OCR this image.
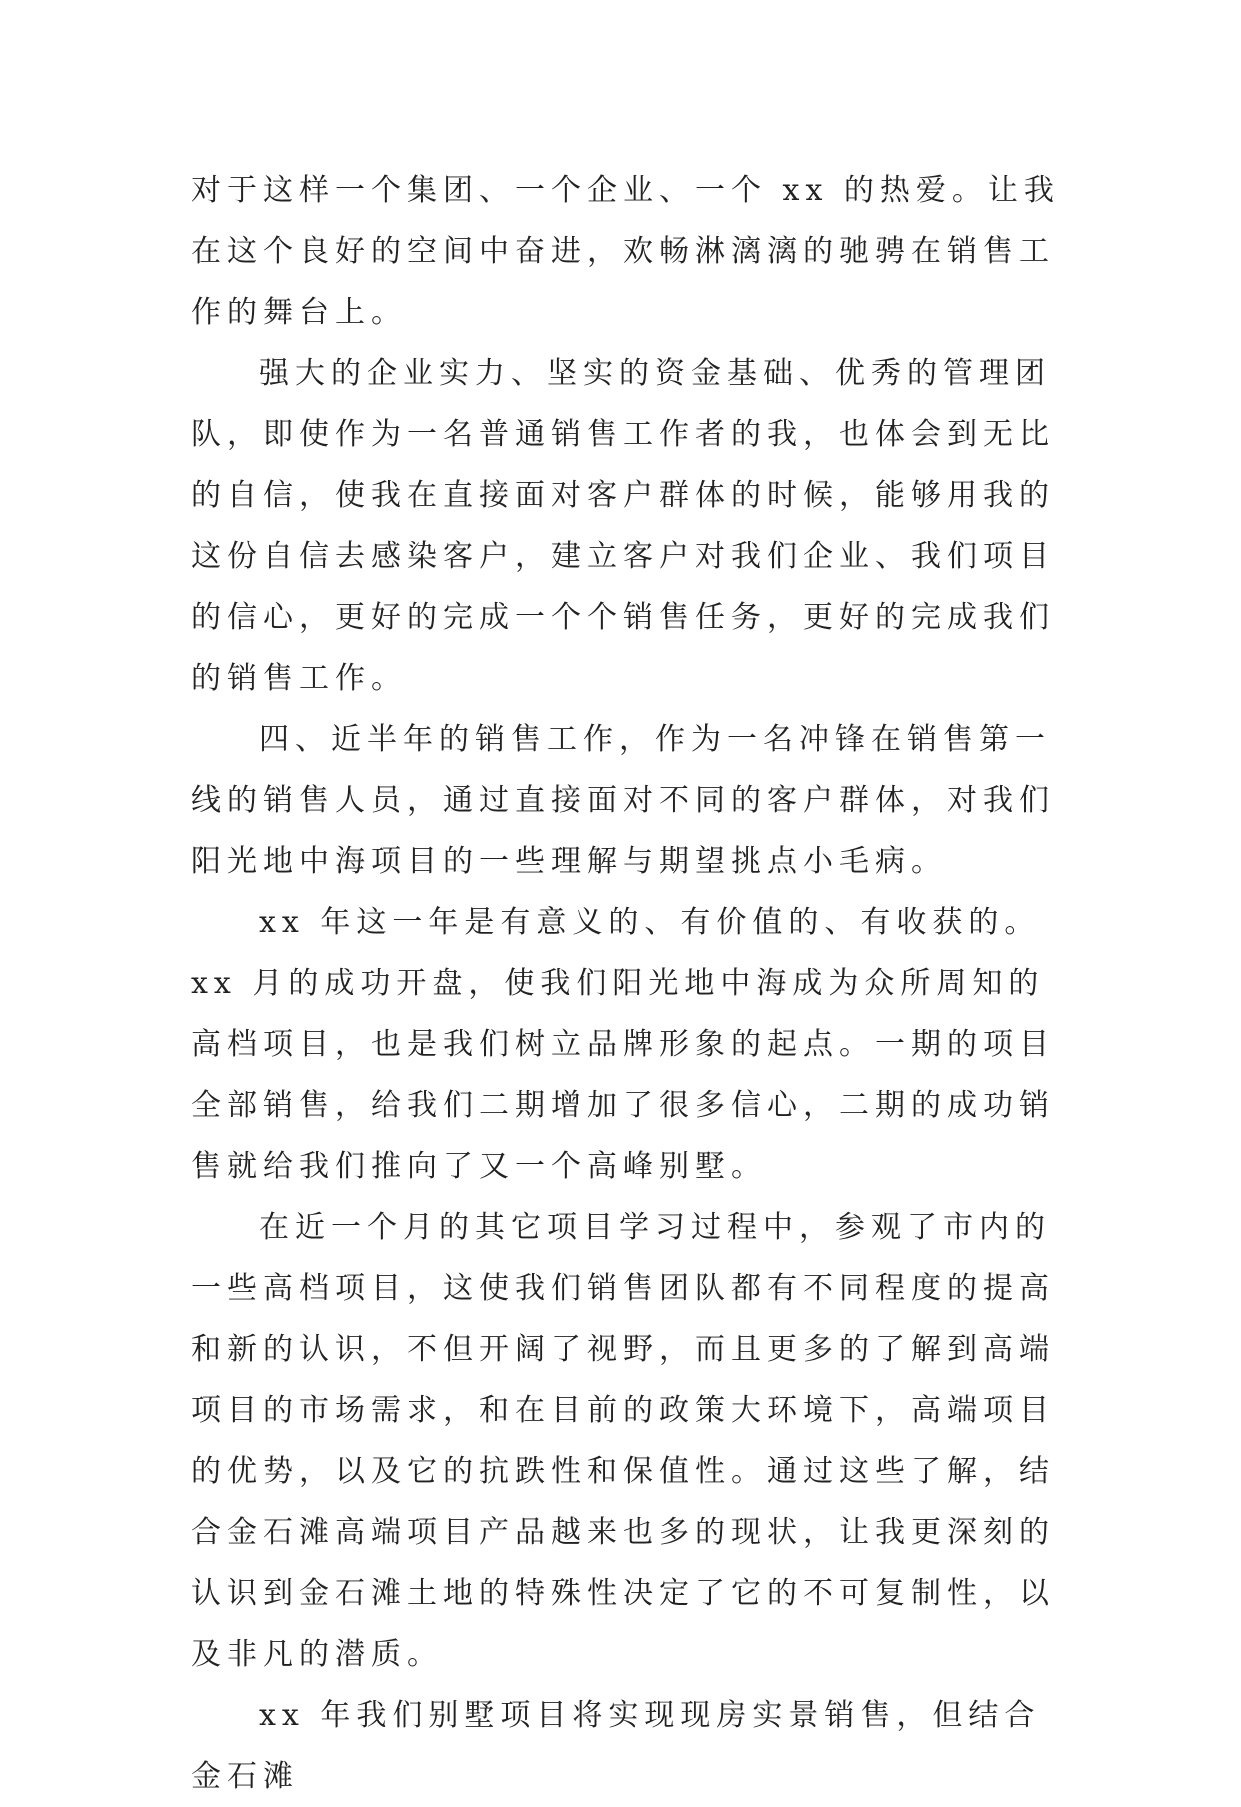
对于这样一个集团、一个企业、一个 xx 的热爱。让我在这个良好的空间中奋进，欢畅淋漓漓的驰骋在销售工作的舞台上。

强大的企业实力、坚实的资金基础、优秀的管理团队，即使作为一名普通销售工作者的我，也体会到无比的自信，使我在直接面对客户群体的时候，能够用我的这份自信去感染客户，建立客户对我们企业、我们项目的信心，更好的完成一个个销售任务，更好的完成我们的销售工作。

四、近半年的销售工作，作为一名冲锋在销售第一线的销售人员，通过直接面对不同的客户群体，对我们阳光地中海项目的一些理解与期望挑点小毛病。

xx 年这一年是有意义的、有价值的、有收获的。xx 月的成功开盘，使我们阳光地中海成为众所周知的高档项目，也是我们树立品牌形象的起点。一期的项目全部销售，给我们二期增加了很多信心，二期的成功销售就给我们推向了又一个高峰别墅。

在近一个月的其它项目学习过程中，参观了市内的一些高档项目，这使我们销售团队都有不同程度的提高和新的认识，不但开阔了视野，而且更多的了解到高端项目的市场需求，和在目前的政策大环境下，高端项目的优势，以及它的抗跌性和保值性。通过这些了解，结合金石滩高端项目产品越来也多的现状，让我更深刻的认识到金石滩土地的特殊性决定了它的不可复制性，以及非凡的潜质。

xx 年我们别墅项目将实现现房实景销售，但结合金石滩
